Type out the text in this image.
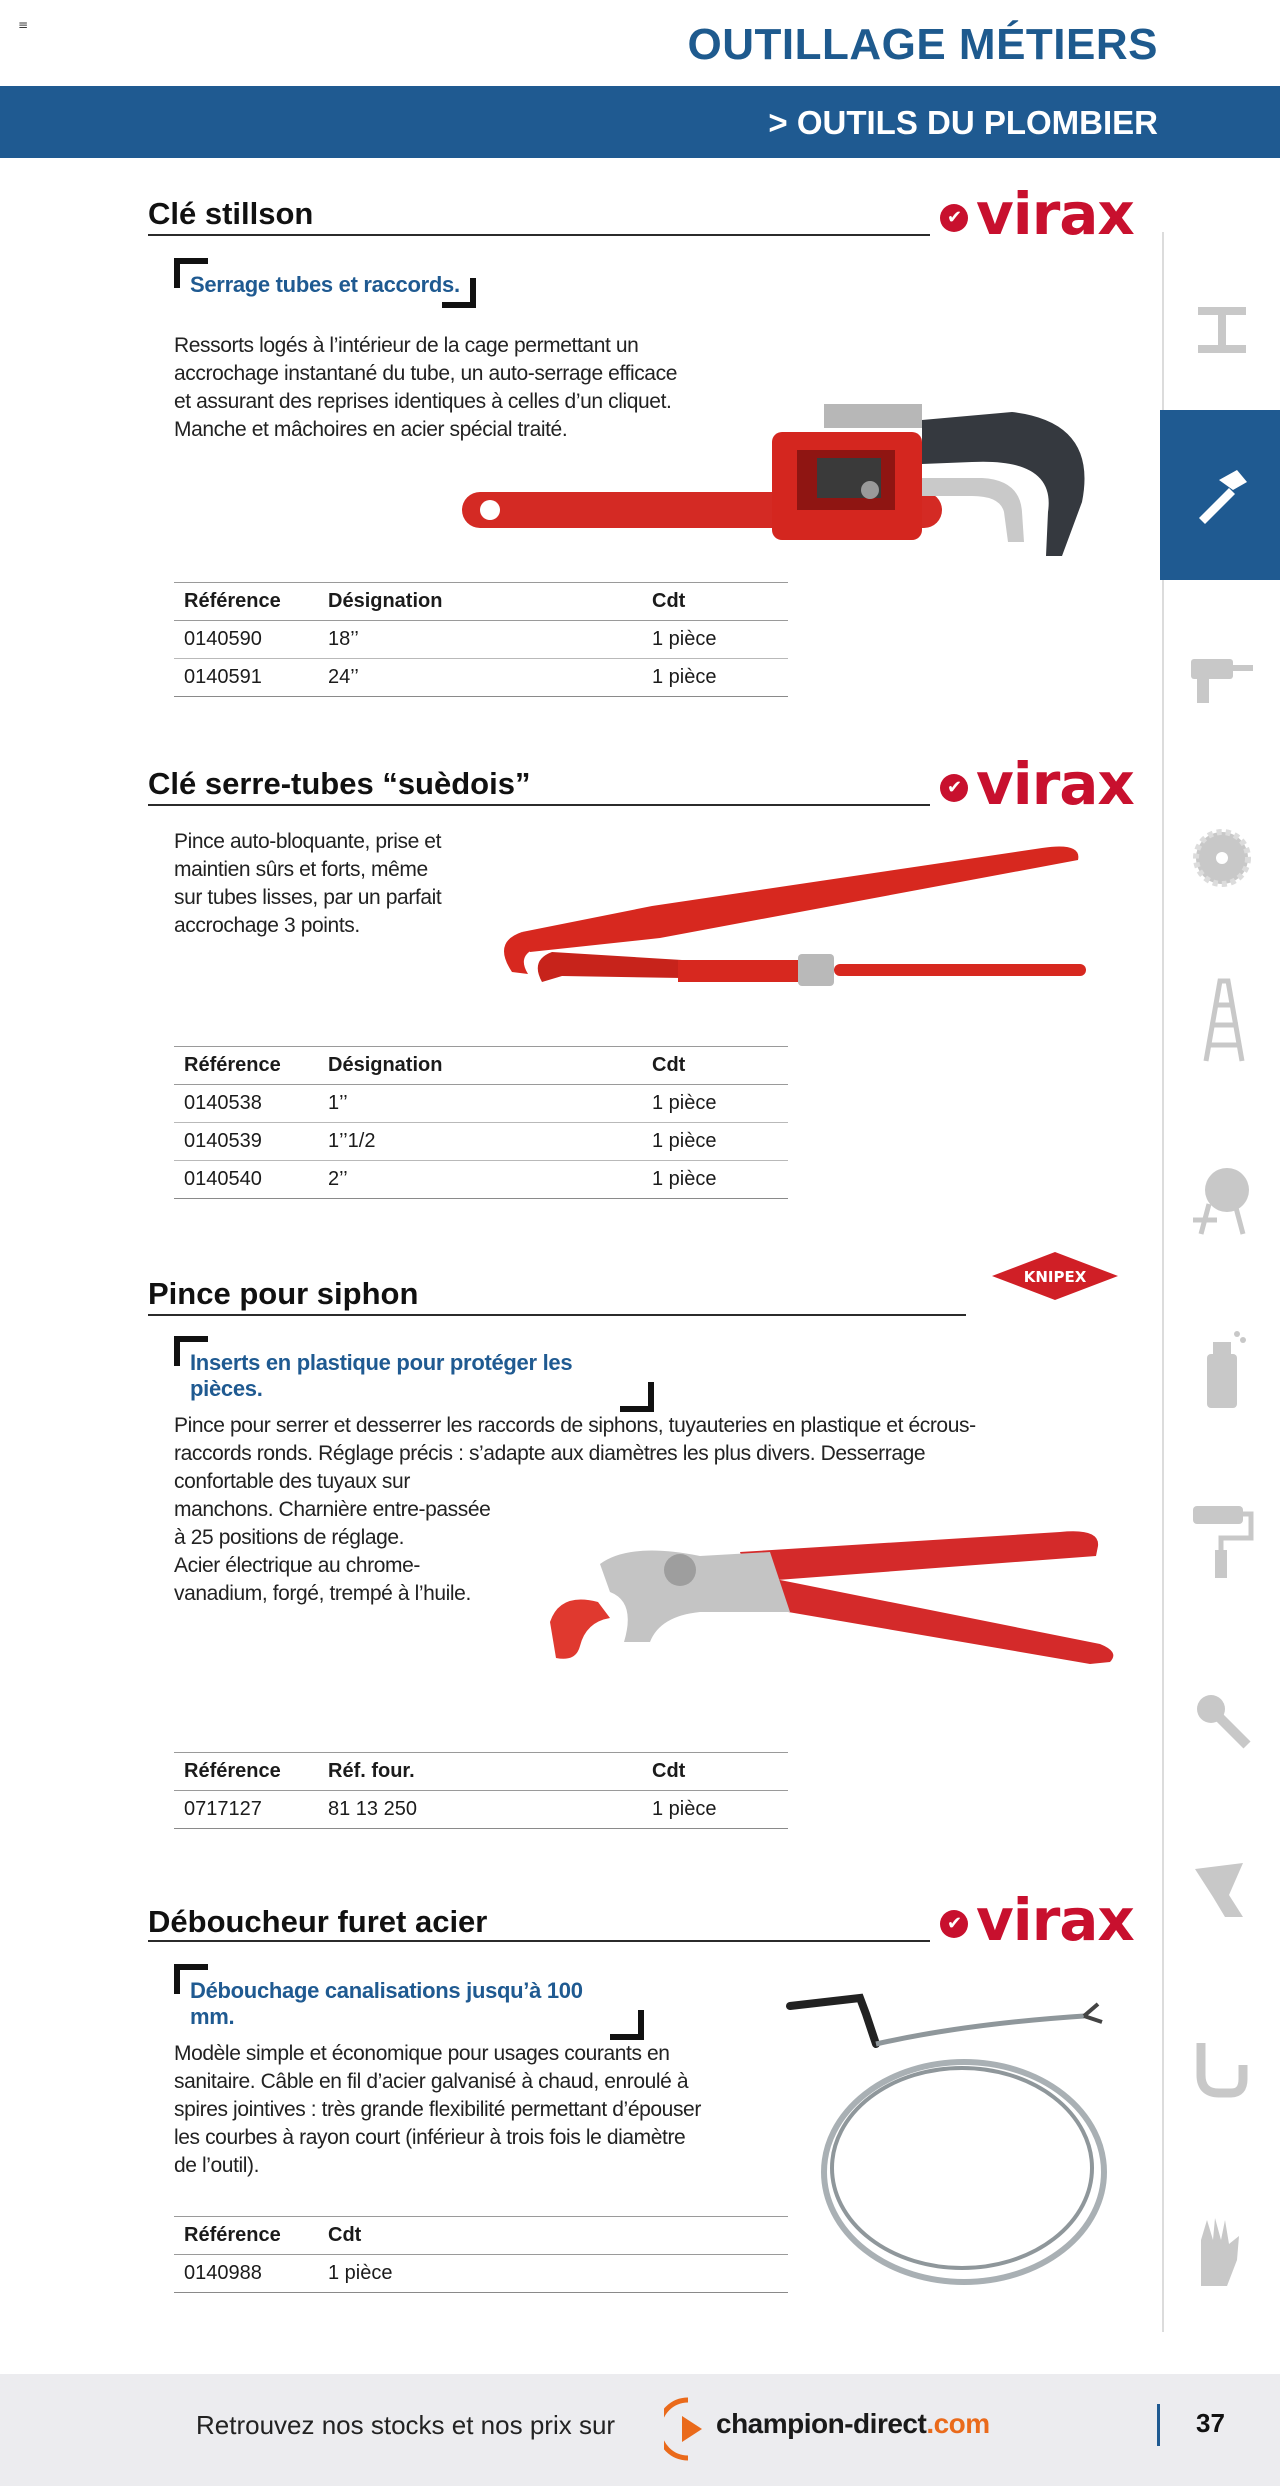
≡	OUTILLAGE MÉTIERS
> OUTILS DU PLOMBIER
Clé stillson	✔ virax
Serrage tubes et raccords.
Ressorts logés à l’intérieur de la cage permettant un
accrochage instantané du tube, un auto-serrage efficace
et assurant des reprises identiques à celles d’un cliquet.
Manche et mâchoires en acier spécial traité.
Référence	Désignation	Cdt
0140590	18’’	1 pièce
0140591	24’’	1 pièce
Clé serre-tubes “suèdois”	✔ virax
Pince auto-bloquante, prise et
maintien sûrs et forts, même
sur tubes lisses, par un parfait
accrochage 3 points.
Référence	Désignation	Cdt
0140538	1’’	1 pièce
0140539	1’’1/2	1 pièce
0140540	2’’	1 pièce
Pince pour siphon	KNIPEX
Inserts en plastique pour protéger les pièces.
Pince pour serrer et desserrer les raccords de siphons, tuyauteries en plastique et écrous-
raccords ronds. Réglage précis : s’adapte aux diamètres les plus divers. Desserrage
confortable des tuyaux sur
manchons. Charnière entre-passée
à 25 positions de réglage.
Acier électrique au chrome-
vanadium, forgé, trempé à l’huile.
Référence	Réf. four.	Cdt
0717127	81 13 250	1 pièce
Déboucheur furet acier	✔ virax
Débouchage canalisations jusqu’à 100 mm.
Modèle simple et économique pour usages courants en
sanitaire. Câble en fil d’acier galvanisé à chaud, enroulé à
spires jointives : très grande flexibilité permettant d’épouser
les courbes à rayon court (inférieur à trois fois le diamètre
de l’outil).
Référence	Cdt
0140988	1 pièce
Retrouvez nos stocks et nos prix sur	champion-direct.com	37
